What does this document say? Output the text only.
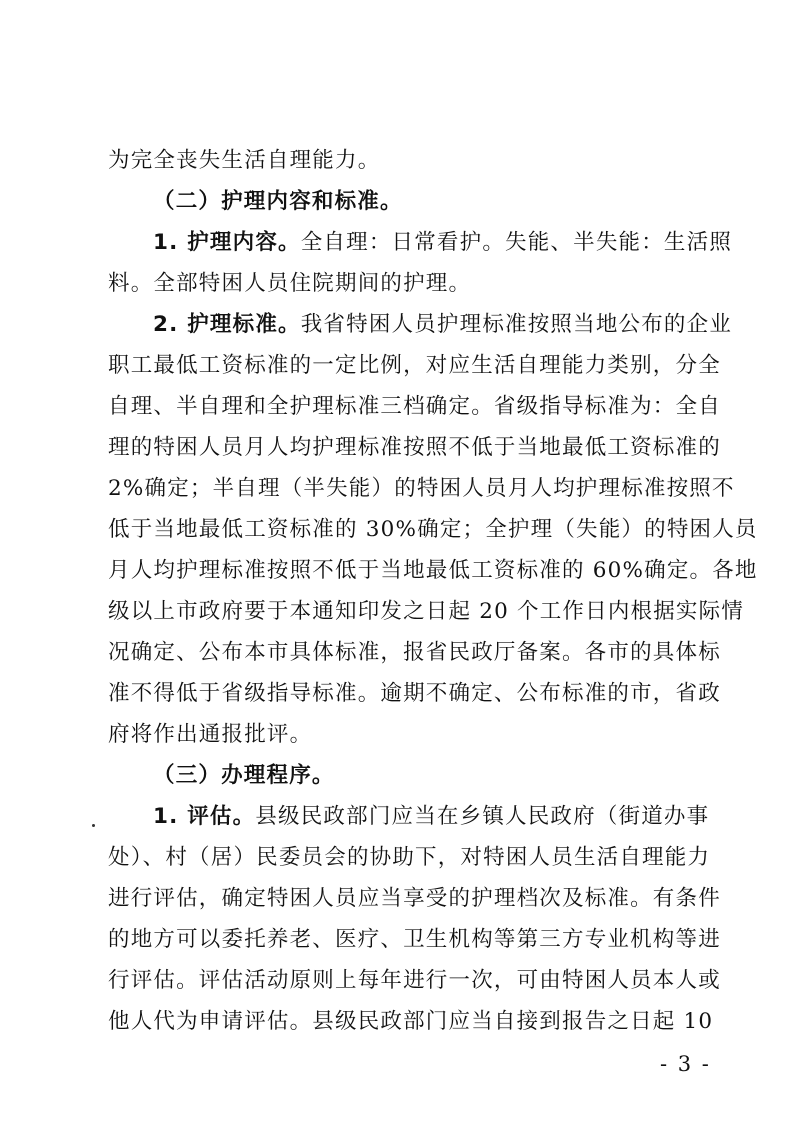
为完全丧失生活自理能力。
（二）护理内容和标准。
1. 护理内容。全自理：日常看护。失能、半失能：生活照
料。全部特困人员住院期间的护理。
2. 护理标准。我省特困人员护理标准按照当地公布的企业
职工最低工资标准的一定比例，对应生活自理能力类别，分全
自理、半自理和全护理标准三档确定。省级指导标准为：全自
理的特困人员月人均护理标准按照不低于当地最低工资标准的
2%确定；半自理（半失能）的特困人员月人均护理标准按照不
低于当地最低工资标准的 30%确定；全护理（失能）的特困人员
月人均护理标准按照不低于当地最低工资标准的 60%确定。各地
级以上市政府要于本通知印发之日起 20 个工作日内根据实际情
况确定、公布本市具体标准，报省民政厅备案。各市的具体标
准不得低于省级指导标准。逾期不确定、公布标准的市，省政
府将作出通报批评。
（三）办理程序。
1. 评估。县级民政部门应当在乡镇人民政府（街道办事
处）、村（居）民委员会的协助下，对特困人员生活自理能力
进行评估，确定特困人员应当享受的护理档次及标准。有条件
的地方可以委托养老、医疗、卫生机构等第三方专业机构等进
行评估。评估活动原则上每年进行一次，可由特困人员本人或
他人代为申请评估。县级民政部门应当自接到报告之日起 10
- 3 -
